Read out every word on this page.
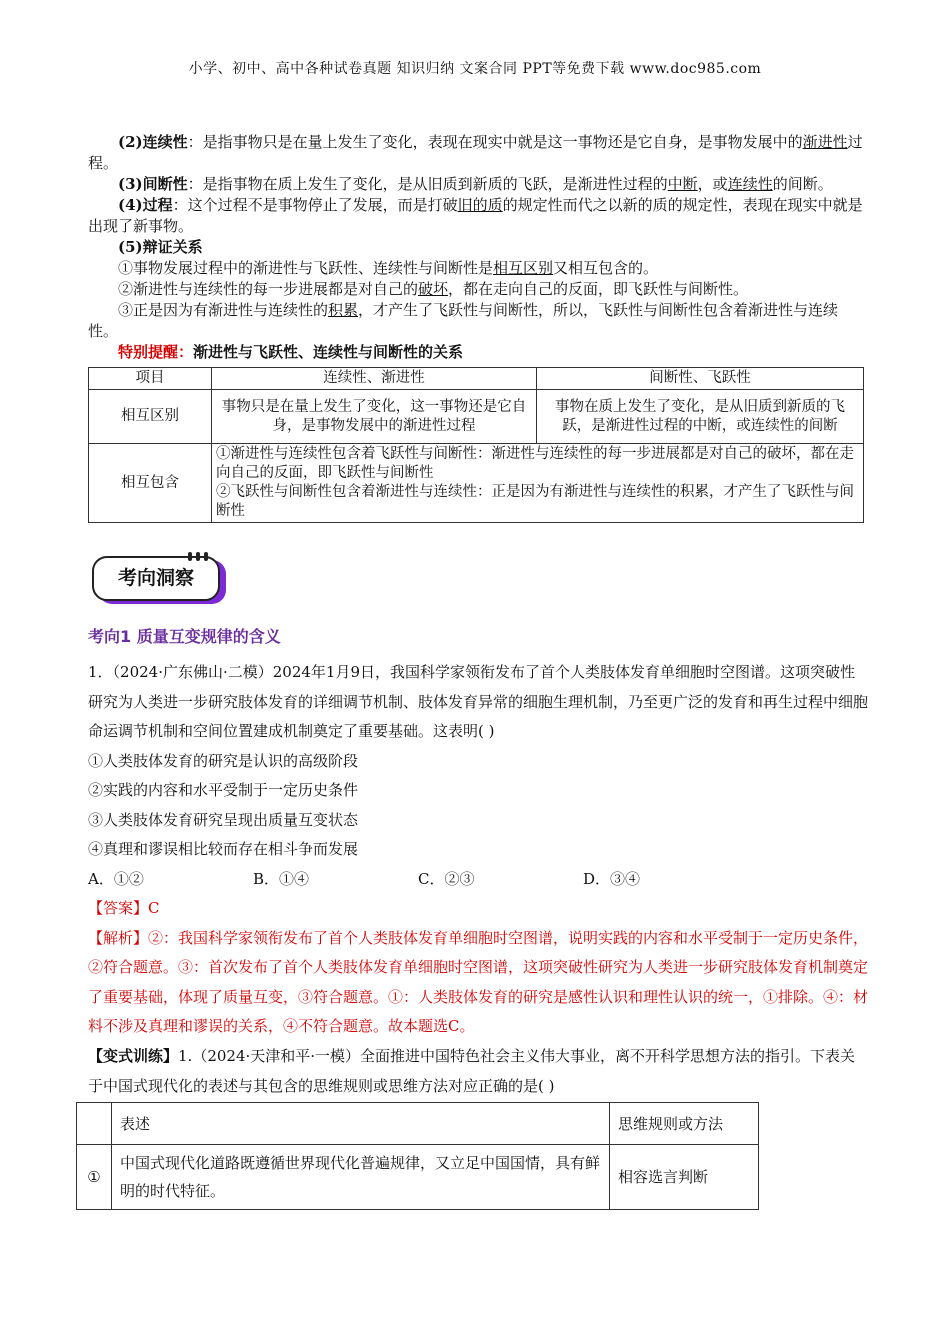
小学、初中、高中各种试卷真题 知识归纳 文案合同 PPT等免费下载 www.doc985.com

(2)连续性：是指事物只是在量上发生了变化，表现在现实中就是这一事物还是它自身，是事物发展中的渐进性过程。

(3)间断性：是指事物在质上发生了变化，是从旧质到新质的飞跃，是渐进性过程的中断，或连续性的间断。

(4)过程：这个过程不是事物停止了发展，而是打破旧的质的规定性而代之以新的质的规定性，表现在现实中就是出现了新事物。

(5)辩证关系

①事物发展过程中的渐进性与飞跃性、连续性与间断性是相互区别又相互包含的。

②渐进性与连续性的每一步进展都是对自己的破坏，都在走向自己的反面，即飞跃性与间断性。

③正是因为有渐进性与连续性的积累，才产生了飞跃性与间断性，所以，飞跃性与间断性包含着渐进性与连续性。

特别提醒：渐进性与飞跃性、连续性与间断性的关系

项目	连续性、渐进性	间断性、飞跃性
相互区别	事物只是在量上发生了变化，这一事物还是它自身，是事物发展中的渐进性过程	事物在质上发生了变化，是从旧质到新质的飞跃，是渐进性过程的中断，或连续性的间断
相互包含	①渐进性与连续性包含着飞跃性与间断性：渐进性与连续性的每一步进展都是对自己的破坏，都在走向自己的反面，即飞跃性与间断性
②飞跃性与间断性包含着渐进性与连续性：正是因为有渐进性与连续性的积累，才产生了飞跃性与间断性	
考向洞察
考向1 质量互变规律的含义
1．（2024·广东佛山·二模）2024年1月9日，我国科学家领衔发布了首个人类肢体发育单细胞时空图谱。这项突破性研究为人类进一步研究肢体发育的详细调节机制、肢体发育异常的细胞生理机制，乃至更广泛的发育和再生过程中细胞命运调节机制和空间位置建成机制奠定了重要基础。这表明( )
①人类肢体发育的研究是认识的高级阶段
②实践的内容和水平受制于一定历史条件
③人类肢体发育研究呈现出质量互变状态
④真理和谬误相比较而存在相斗争而发展
A．①②	B．①④	C．②③	D．③④
【答案】C
【解析】②：我国科学家领衔发布了首个人类肢体发育单细胞时空图谱，说明实践的内容和水平受制于一定历史条件，②符合题意。③：首次发布了首个人类肢体发育单细胞时空图谱，这项突破性研究为人类进一步研究肢体发育机制奠定了重要基础，体现了质量互变，③符合题意。①：人类肢体发育的研究是感性认识和理性认识的统一，①排除。④：材料不涉及真理和谬误的关系，④不符合题意。故本题选C。
【变式训练】1.（2024·天津和平·一模）全面推进中国特色社会主义伟大事业，离不开科学思想方法的指引。下表关于中国式现代化的表述与其包含的思维规则或思维方法对应正确的是( )
	表述	思维规则或方法
①	中国式现代化道路既遵循世界现代化普遍规律，又立足中国国情，具有鲜明的时代特征。	相容选言判断
